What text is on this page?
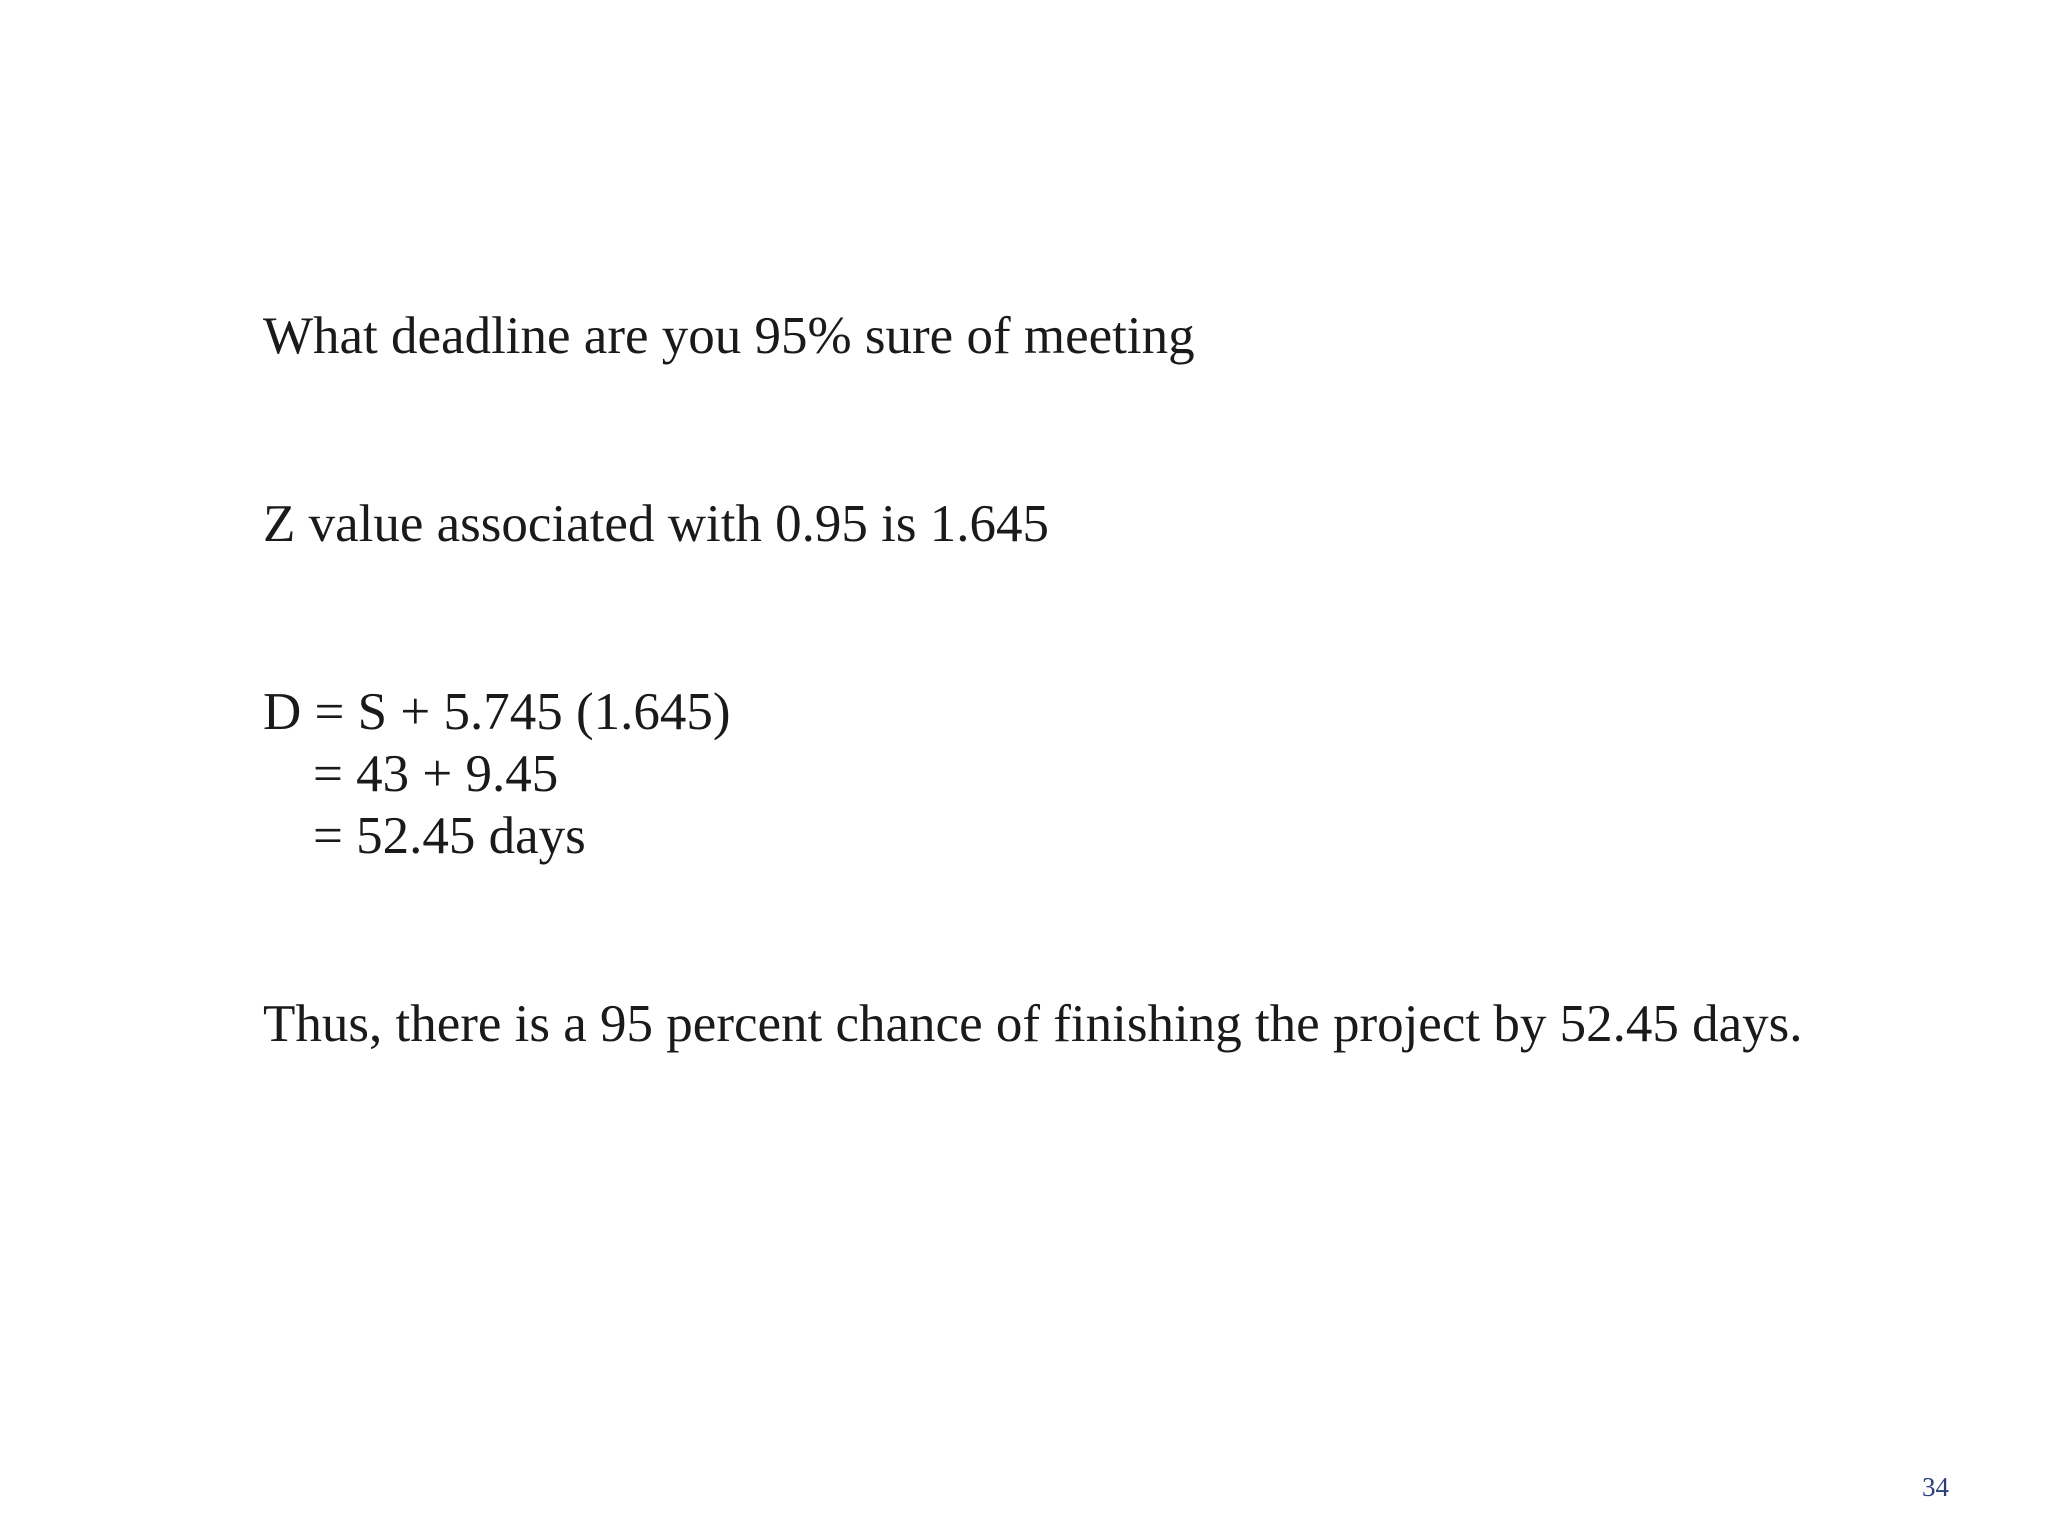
What deadline are you 95% sure of meeting

Z value associated with 0.95 is 1.645

D = S + 5.745 (1.645)

= 43 + 9.45

= 52.45 days

Thus, there is a 95 percent chance of finishing the project by 52.45 days.

34
